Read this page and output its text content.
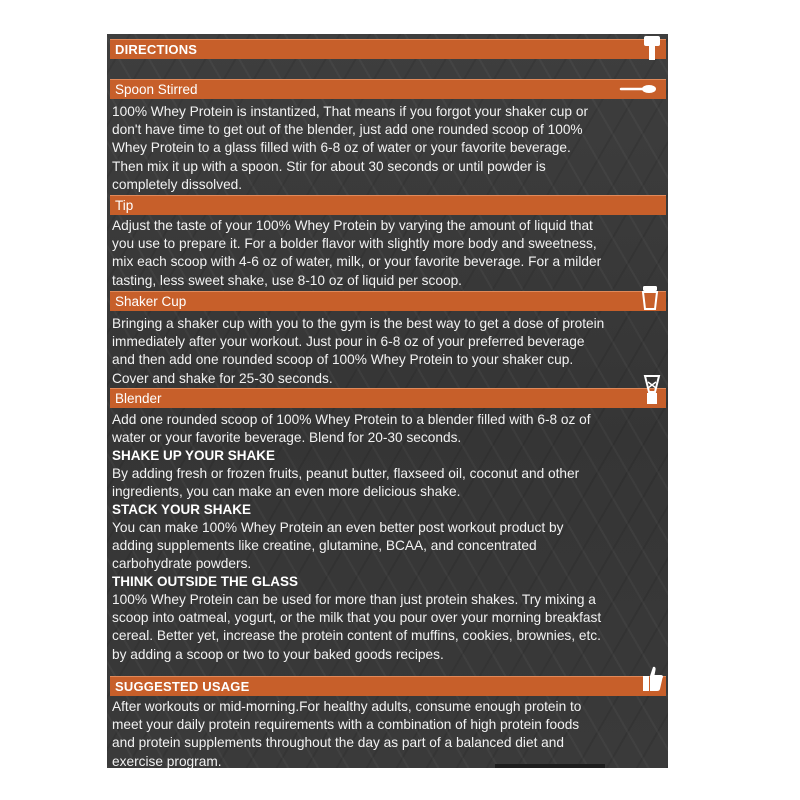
DIRECTIONS
Spoon Stirred
100% Whey Protein is instantized, That means if you forgot your shaker cup or
don't have time to get out of the blender, just add one rounded scoop of 100%
Whey Protein to a glass filled with 6-8 oz of water or your favorite beverage.
Then mix it up with a spoon. Stir for about 30 seconds or until powder is
completely dissolved.
Tip
Adjust the taste of your 100% Whey Protein by varying the amount of liquid that
you use to prepare it. For a bolder flavor with slightly more body and sweetness,
mix each scoop with 4-6 oz of water, milk, or your favorite beverage. For a milder
tasting, less sweet shake, use 8-10 oz of liquid per scoop.
Shaker Cup
Bringing a shaker cup with you to the gym is the best way to get a dose of protein
immediately after your workout. Just pour in 6-8 oz of your preferred beverage
and then add one rounded scoop of 100% Whey Protein to your shaker cup.
Cover and shake for 25-30 seconds.
Blender
Add one rounded scoop of 100% Whey Protein to a blender filled with 6-8 oz of
water or your favorite beverage. Blend for 20-30 seconds.
SHAKE UP YOUR SHAKE
By adding fresh or frozen fruits, peanut butter, flaxseed oil, coconut and other
ingredients, you can make an even more delicious shake.
STACK YOUR SHAKE
You can make 100% Whey Protein an even better post workout product by
adding supplements like creatine, glutamine, BCAA, and concentrated
carbohydrate powders.
THINK OUTSIDE THE GLASS
100% Whey Protein can be used for more than just protein shakes. Try mixing a
scoop into oatmeal, yogurt, or the milk that you pour over your morning breakfast
cereal. Better yet, increase the protein content of muffins, cookies, brownies, etc.
by adding a scoop or two to your baked goods recipes.
SUGGESTED USAGE
After workouts or mid-morning.For healthy adults, consume enough protein to
meet your daily protein requirements with a combination of high protein foods
and protein supplements throughout the day as part of a balanced diet and
exercise program.
